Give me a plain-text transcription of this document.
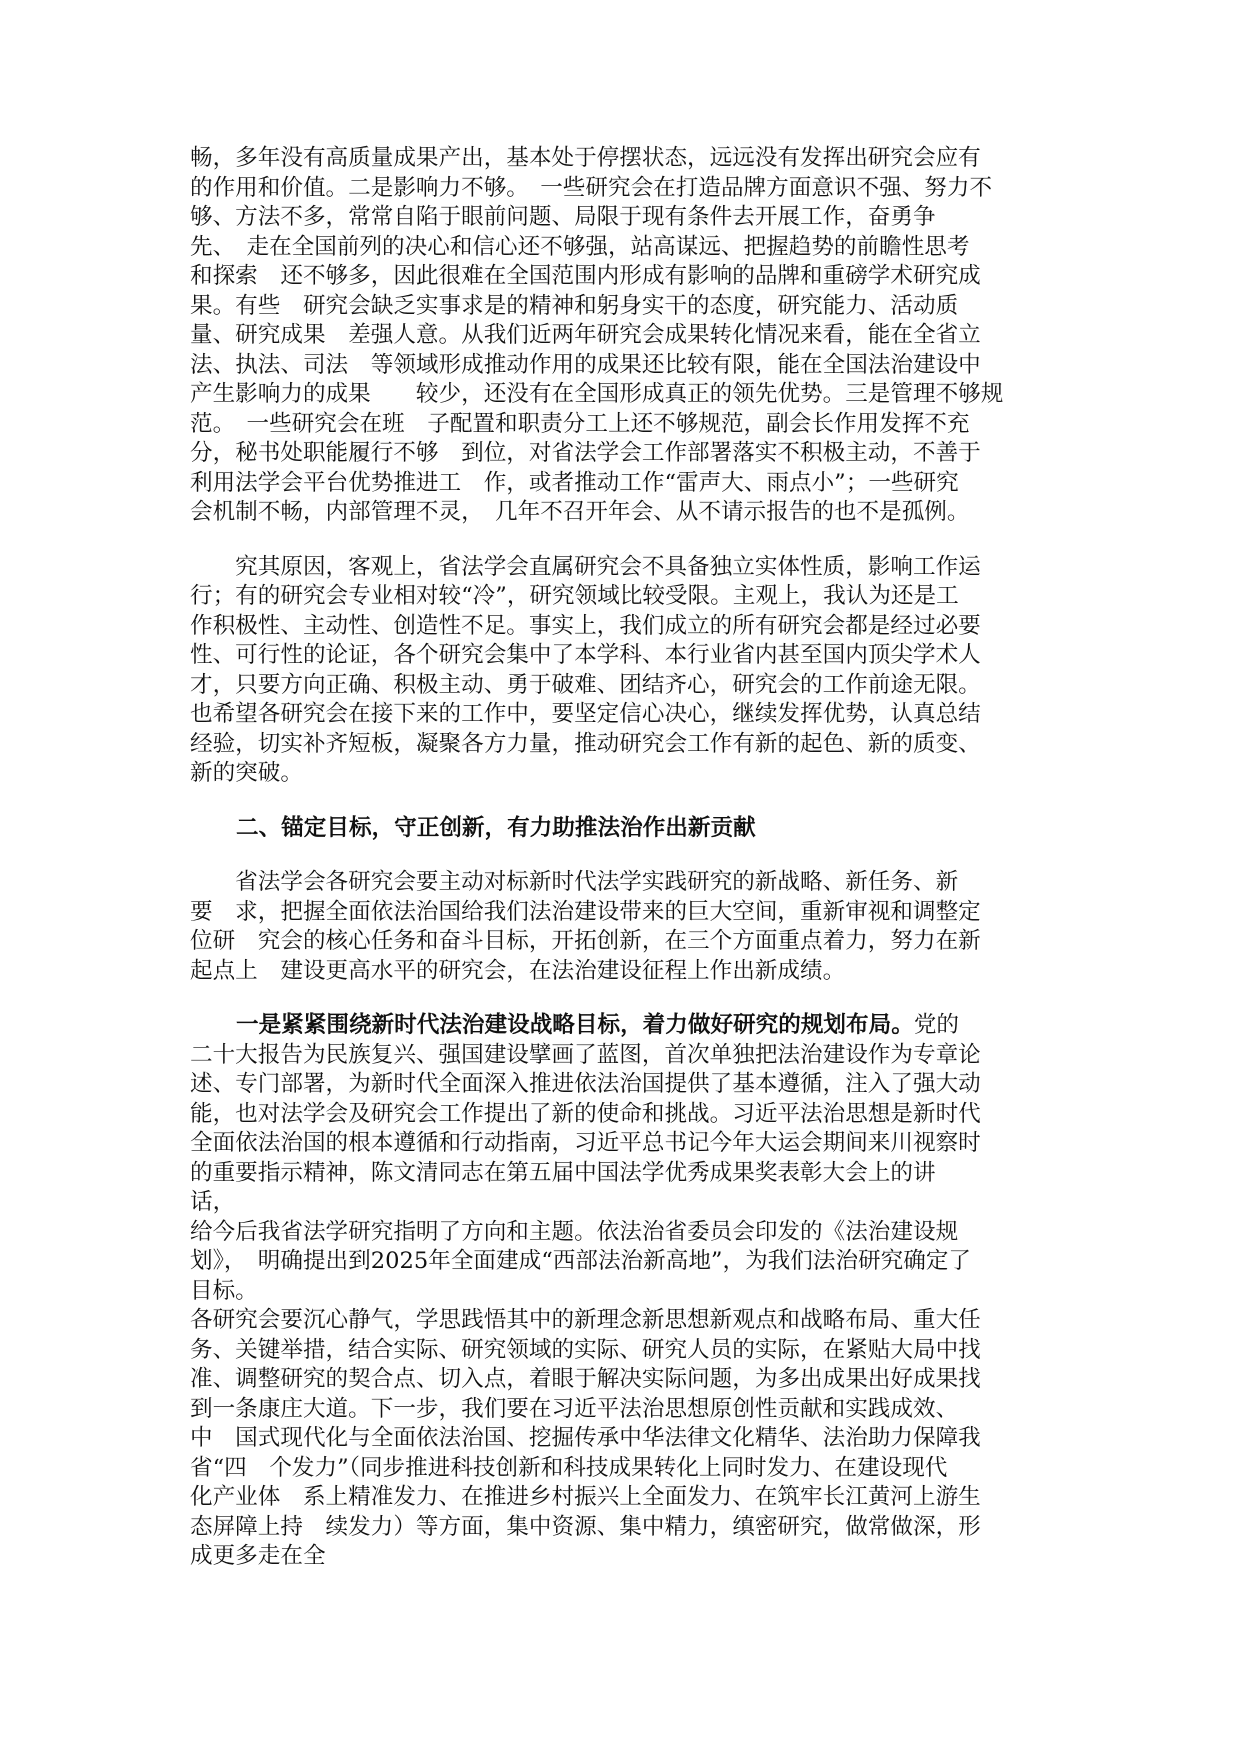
畅，多年没有高质量成果产出，基本处于停摆状态，远远没有发挥出研究会应有
的作用和价值。二是影响力不够。　一些研究会在打造品牌方面意识不强、努力不
够、方法不多，常常自陷于眼前问题、局限于现有条件去开展工作，奋勇争
先、　走在全国前列的决心和信心还不够强，站高谋远、把握趋势的前瞻性思考
和探索　还不够多，因此很难在全国范围内形成有影响的品牌和重磅学术研究成
果。有些　研究会缺乏实事求是的精神和躬身实干的态度，研究能力、活动质
量、研究成果　差强人意。从我们近两年研究会成果转化情况来看，能在全省立
法、执法、司法　等领域形成推动作用的成果还比较有限，能在全国法治建设中
产生影响力的成果　　较少，还没有在全国形成真正的领先优势。三是管理不够规
范。　一些研究会在班　子配置和职责分工上还不够规范，副会长作用发挥不充
分，秘书处职能履行不够　到位，对省法学会工作部署落实不积极主动，不善于
利用法学会平台优势推进工　作，或者推动工作“雷声大、雨点小”；一些研究
会机制不畅，内部管理不灵，　几年不召开年会、从不请示报告的也不是孤例。
　　究其原因，客观上，省法学会直属研究会不具备独立实体性质，影响工作运
行；有的研究会专业相对较“冷”，研究领域比较受限。主观上，我认为还是工
作积极性、主动性、创造性不足。事实上，我们成立的所有研究会都是经过必要
性、可行性的论证，各个研究会集中了本学科、本行业省内甚至国内顶尖学术人
才，只要方向正确、积极主动、勇于破难、团结齐心，研究会的工作前途无限。
也希望各研究会在接下来的工作中，要坚定信心决心，继续发挥优势，认真总结
经验，切实补齐短板，凝聚各方力量，推动研究会工作有新的起色、新的质变、
新的突破。
二、锚定目标，守正创新，有力助推法治作出新贡献
　　省法学会各研究会要主动对标新时代法学实践研究的新战略、新任务、新
要　求，把握全面依法治国给我们法治建设带来的巨大空间，重新审视和调整定
位研　究会的核心任务和奋斗目标，开拓创新，在三个方面重点着力，努力在新
起点上　建设更高水平的研究会，在法治建设征程上作出新成绩。
一是紧紧围绕新时代法治建设战略目标，着力做好研究的规划布局。党的
二十大报告为民族复兴、强国建设擘画了蓝图，首次单独把法治建设作为专章论
述、专门部署，为新时代全面深入推进依法治国提供了基本遵循，注入了强大动
能，也对法学会及研究会工作提出了新的使命和挑战。习近平法治思想是新时代
全面依法治国的根本遵循和行动指南，习近平总书记今年大运会期间来川视察时
的重要指示精神，陈文清同志在第五届中国法学优秀成果奖表彰大会上的讲
话，
给今后我省法学研究指明了方向和主题。依法治省委员会印发的《法治建设规
划》，　明确提出到2025年全面建成“西部法治新高地”，为我们法治研究确定了
目标。
各研究会要沉心静气，学思践悟其中的新理念新思想新观点和战略布局、重大任
务、关键举措，结合实际、研究领域的实际、研究人员的实际，在紧贴大局中找
准、调整研究的契合点、切入点，着眼于解决实际问题，为多出成果出好成果找
到一条康庄大道。下一步，我们要在习近平法治思想原创性贡献和实践成效、
中　国式现代化与全面依法治国、挖掘传承中华法律文化精华、法治助力保障我
省“四　个发力”（同步推进科技创新和科技成果转化上同时发力、在建设现代
化产业体　系上精准发力、在推进乡村振兴上全面发力、在筑牢长江黄河上游生
态屏障上持　续发力）等方面，集中资源、集中精力，缜密研究，做常做深，形
成更多走在全
